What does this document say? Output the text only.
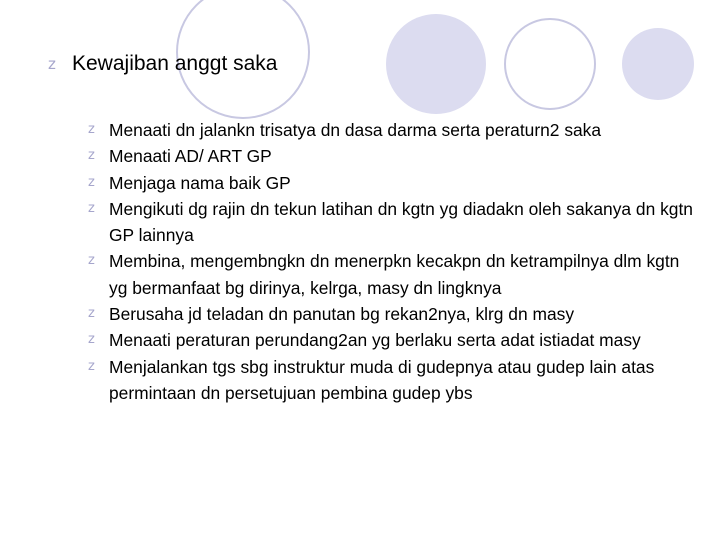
z Kewajiban anggt saka
z Menaati dn jalankn trisatya dn dasa darma serta peraturn2 saka
z Menaati AD/ ART GP
z Menjaga nama baik GP
z Mengikuti dg rajin dn tekun latihan dn kgtn yg diadakn oleh sakanya dn kgtn GP lainnya
z Membina, mengembngkn dn menerpkn kecakpn dn ketrampilnya dlm kgtn yg bermanfaat bg dirinya, kelrga, masy dn lingknya
z Berusaha jd teladan dn panutan bg rekan2nya, klrg dn masy
z Menaati peraturan perundang2an yg berlaku serta adat istiadat masy
z Menjalankan tgs sbg instruktur muda di gudepnya atau gudep lain atas permintaan dn persetujuan pembina gudep ybs
